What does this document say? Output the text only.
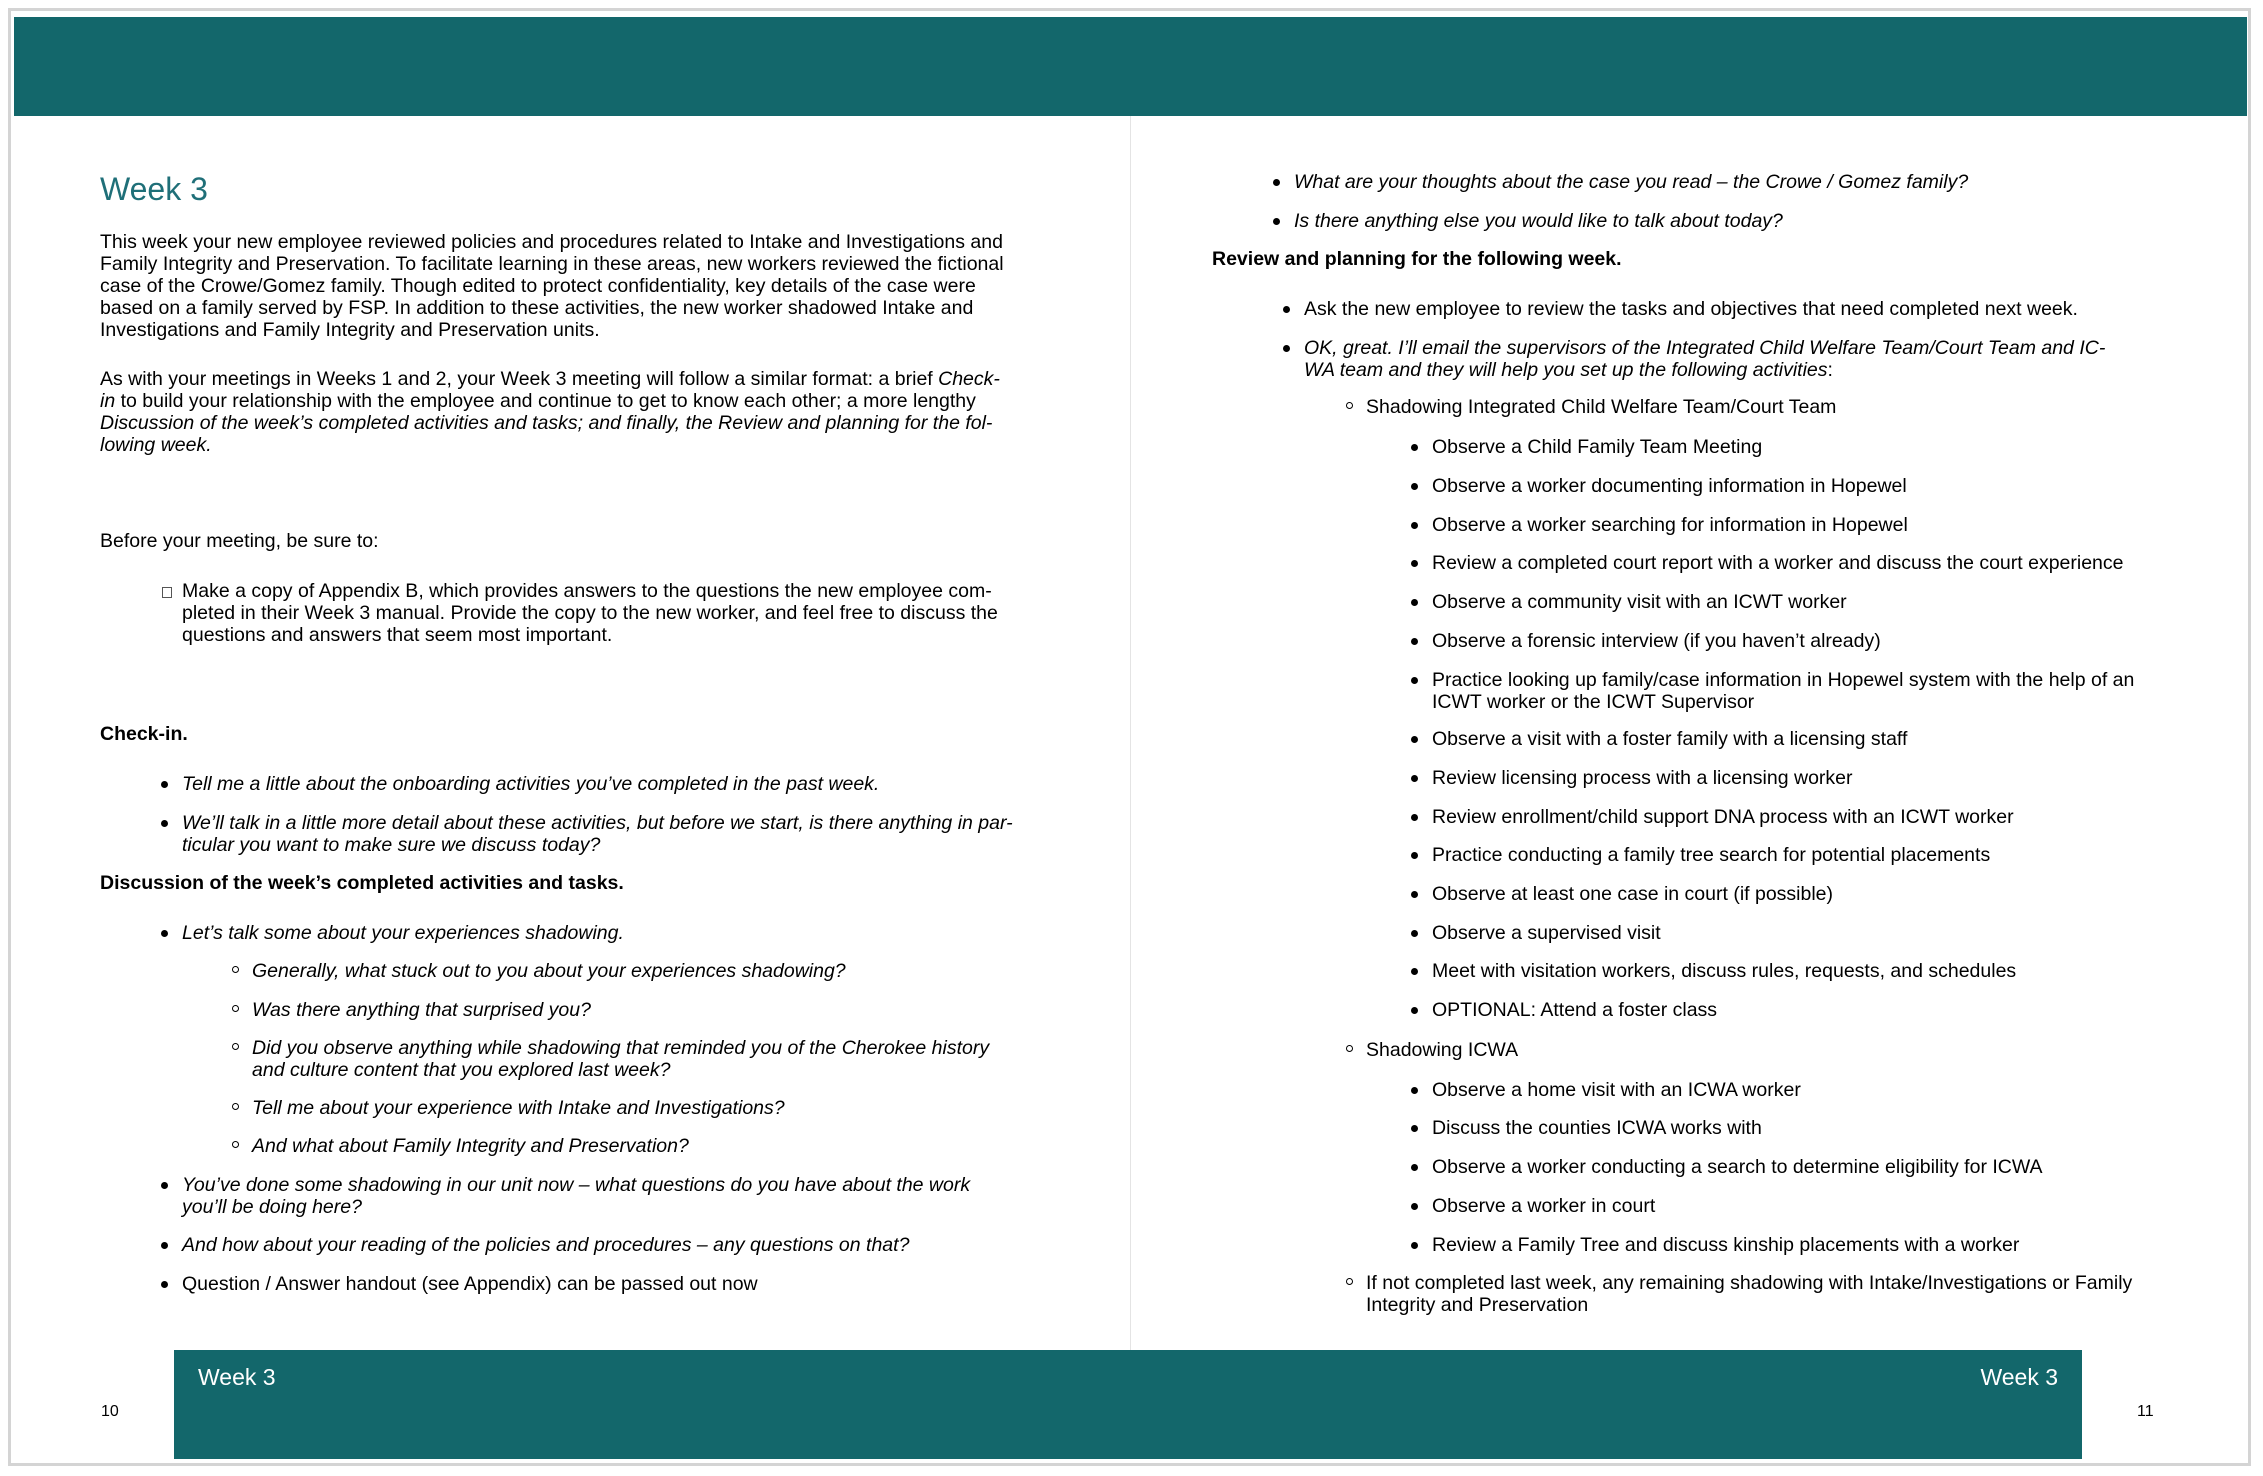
Week 3
This week your new employee reviewed policies and procedures related to Intake and Investigations and
Family Integrity and Preservation. To facilitate learning in these areas, new workers reviewed the fictional
case of the Crowe/Gomez family. Though edited to protect confidentiality, key details of the case were
based on a family served by FSP. In addition to these activities, the new worker shadowed Intake and
Investigations and Family Integrity and Preservation units.
As with your meetings in Weeks 1 and 2, your Week 3 meeting will follow a similar format: a brief Check-
in to build your relationship with the employee and continue to get to know each other; a more lengthy
Discussion of the week’s completed activities and tasks; and finally, the Review and planning for the fol-
lowing week.
Before your meeting, be sure to:
Make a copy of Appendix B, which provides answers to the questions the new employee com-
pleted in their Week 3 manual. Provide the copy to the new worker, and feel free to discuss the
questions and answers that seem most important.
Check-in.
Tell me a little about the onboarding activities you’ve completed in the past week.
We’ll talk in a little more detail about these activities, but before we start, is there anything in par-
ticular you want to make sure we discuss today?
Discussion of the week’s completed activities and tasks.
Let’s talk some about your experiences shadowing.
Generally, what stuck out to you about your experiences shadowing?
Was there anything that surprised you?
Did you observe anything while shadowing that reminded you of the Cherokee history
and culture content that you explored last week?
Tell me about your experience with Intake and Investigations?
And what about Family Integrity and Preservation?
You’ve done some shadowing in our unit now – what questions do you have about the work
you’ll be doing here?
And how about your reading of the policies and procedures – any questions on that?
Question / Answer handout (see Appendix) can be passed out now
What are your thoughts about the case you read – the Crowe / Gomez family?
Is there anything else you would like to talk about today?
Review and planning for the following week.
Ask the new employee to review the tasks and objectives that need completed next week.
OK, great. I’ll email the supervisors of the Integrated Child Welfare Team/Court Team and IC-
WA team and they will help you set up the following activities:
Shadowing Integrated Child Welfare Team/Court Team
Observe a Child Family Team Meeting
Observe a worker documenting information in Hopewel
Observe a worker searching for information in Hopewel
Review a completed court report with a worker and discuss the court experience
Observe a community visit with an ICWT worker
Observe a forensic interview (if you haven’t already)
Practice looking up family/case information in Hopewel system with the help of an
ICWT worker or the ICWT Supervisor
Observe a visit with a foster family with a licensing staff
Review licensing process with a licensing worker
Review enrollment/child support DNA process with an ICWT worker
Practice conducting a family tree search for potential placements
Observe at least one case in court (if possible)
Observe a supervised visit
Meet with visitation workers, discuss rules, requests, and schedules
OPTIONAL: Attend a foster class
Shadowing ICWA
Observe a home visit with an ICWA worker
Discuss the counties ICWA works with
Observe a worker conducting a search to determine eligibility for ICWA
Observe a worker in court
Review a Family Tree and discuss kinship placements with a worker
If not completed last week, any remaining shadowing with Intake/Investigations or Family
Integrity and Preservation
Week 3	Week 3
10	11
